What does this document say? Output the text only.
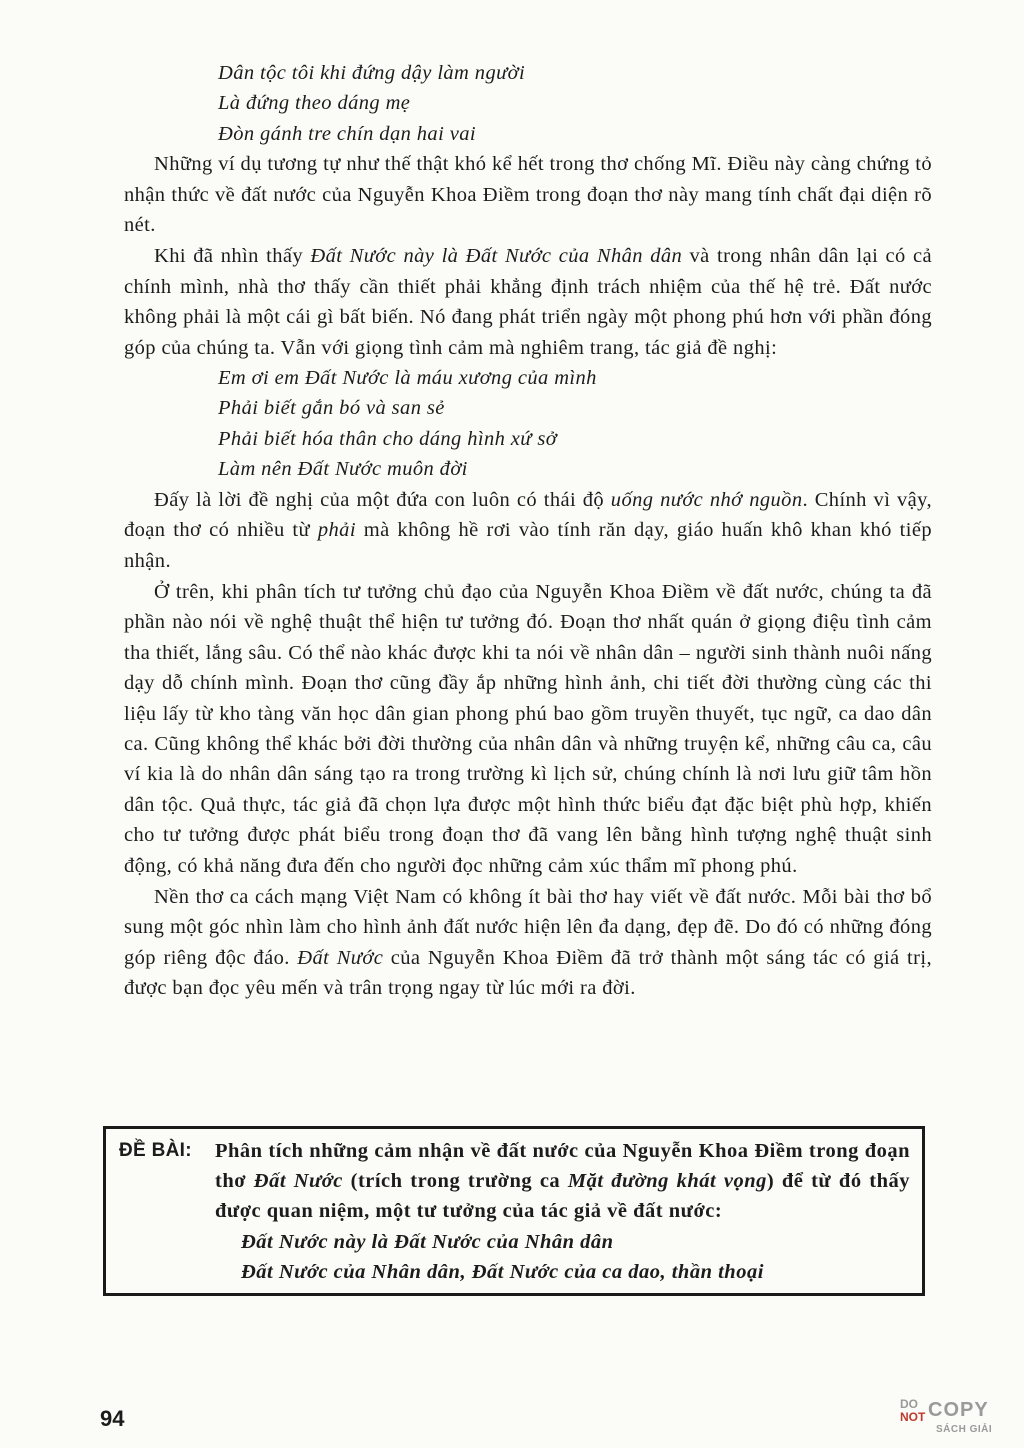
Dân tộc tôi khi đứng dậy làm người
Là đứng theo dáng mẹ
Đòn gánh tre chín dạn hai vai

Những ví dụ tương tự như thế thật khó kể hết trong thơ chống Mĩ. Điều này càng chứng tỏ nhận thức về đất nước của Nguyễn Khoa Điềm trong đoạn thơ này mang tính chất đại diện rõ nét.

Khi đã nhìn thấy Đất Nước này là Đất Nước của Nhân dân và trong nhân dân lại có cả chính mình, nhà thơ thấy cần thiết phải khẳng định trách nhiệm của thế hệ trẻ. Đất nước không phải là một cái gì bất biến. Nó đang phát triển ngày một phong phú hơn với phần đóng góp của chúng ta. Vẫn với giọng tình cảm mà nghiêm trang, tác giả đề nghị:

Em ơi em Đất Nước là máu xương của mình
Phải biết gắn bó và san sẻ
Phải biết hóa thân cho dáng hình xứ sở
Làm nên Đất Nước muôn đời

Đấy là lời đề nghị của một đứa con luôn có thái độ uống nước nhớ nguồn. Chính vì vậy, đoạn thơ có nhiều từ phải mà không hề rơi vào tính răn dạy, giáo huấn khô khan khó tiếp nhận.

Ở trên, khi phân tích tư tưởng chủ đạo của Nguyễn Khoa Điềm về đất nước, chúng ta đã phần nào nói về nghệ thuật thể hiện tư tưởng đó. Đoạn thơ nhất quán ở giọng điệu tình cảm tha thiết, lắng sâu. Có thể nào khác được khi ta nói về nhân dân – người sinh thành nuôi nấng dạy dỗ chính mình. Đoạn thơ cũng đầy ắp những hình ảnh, chi tiết đời thường cùng các thi liệu lấy từ kho tàng văn học dân gian phong phú bao gồm truyền thuyết, tục ngữ, ca dao dân ca. Cũng không thể khác bởi đời thường của nhân dân và những truyện kể, những câu ca, câu ví kia là do nhân dân sáng tạo ra trong trường kì lịch sử, chúng chính là nơi lưu giữ tâm hồn dân tộc. Quả thực, tác giả đã chọn lựa được một hình thức biểu đạt đặc biệt phù hợp, khiến cho tư tưởng được phát biểu trong đoạn thơ đã vang lên bằng hình tượng nghệ thuật sinh động, có khả năng đưa đến cho người đọc những cảm xúc thẩm mĩ phong phú.

Nền thơ ca cách mạng Việt Nam có không ít bài thơ hay viết về đất nước. Mỗi bài thơ bổ sung một góc nhìn làm cho hình ảnh đất nước hiện lên đa dạng, đẹp đẽ. Do đó có những đóng góp riêng độc đáo. Đất Nước của Nguyễn Khoa Điềm đã trở thành một sáng tác có giá trị, được bạn đọc yêu mến và trân trọng ngay từ lúc mới ra đời.

ĐỀ BÀI:	Phân tích những cảm nhận về đất nước của Nguyễn Khoa Điềm trong đoạn thơ Đất Nước (trích trong trường ca Mặt đường khát vọng) để từ đó thấy được quan niệm, một tư tưởng của tác giả về đất nước:
Đất Nước này là Đất Nước của Nhân dân
Đất Nước của Nhân dân, Đất Nước của ca dao, thần thoại
94
DO
NOT COPY
SÁCH GIẢI
